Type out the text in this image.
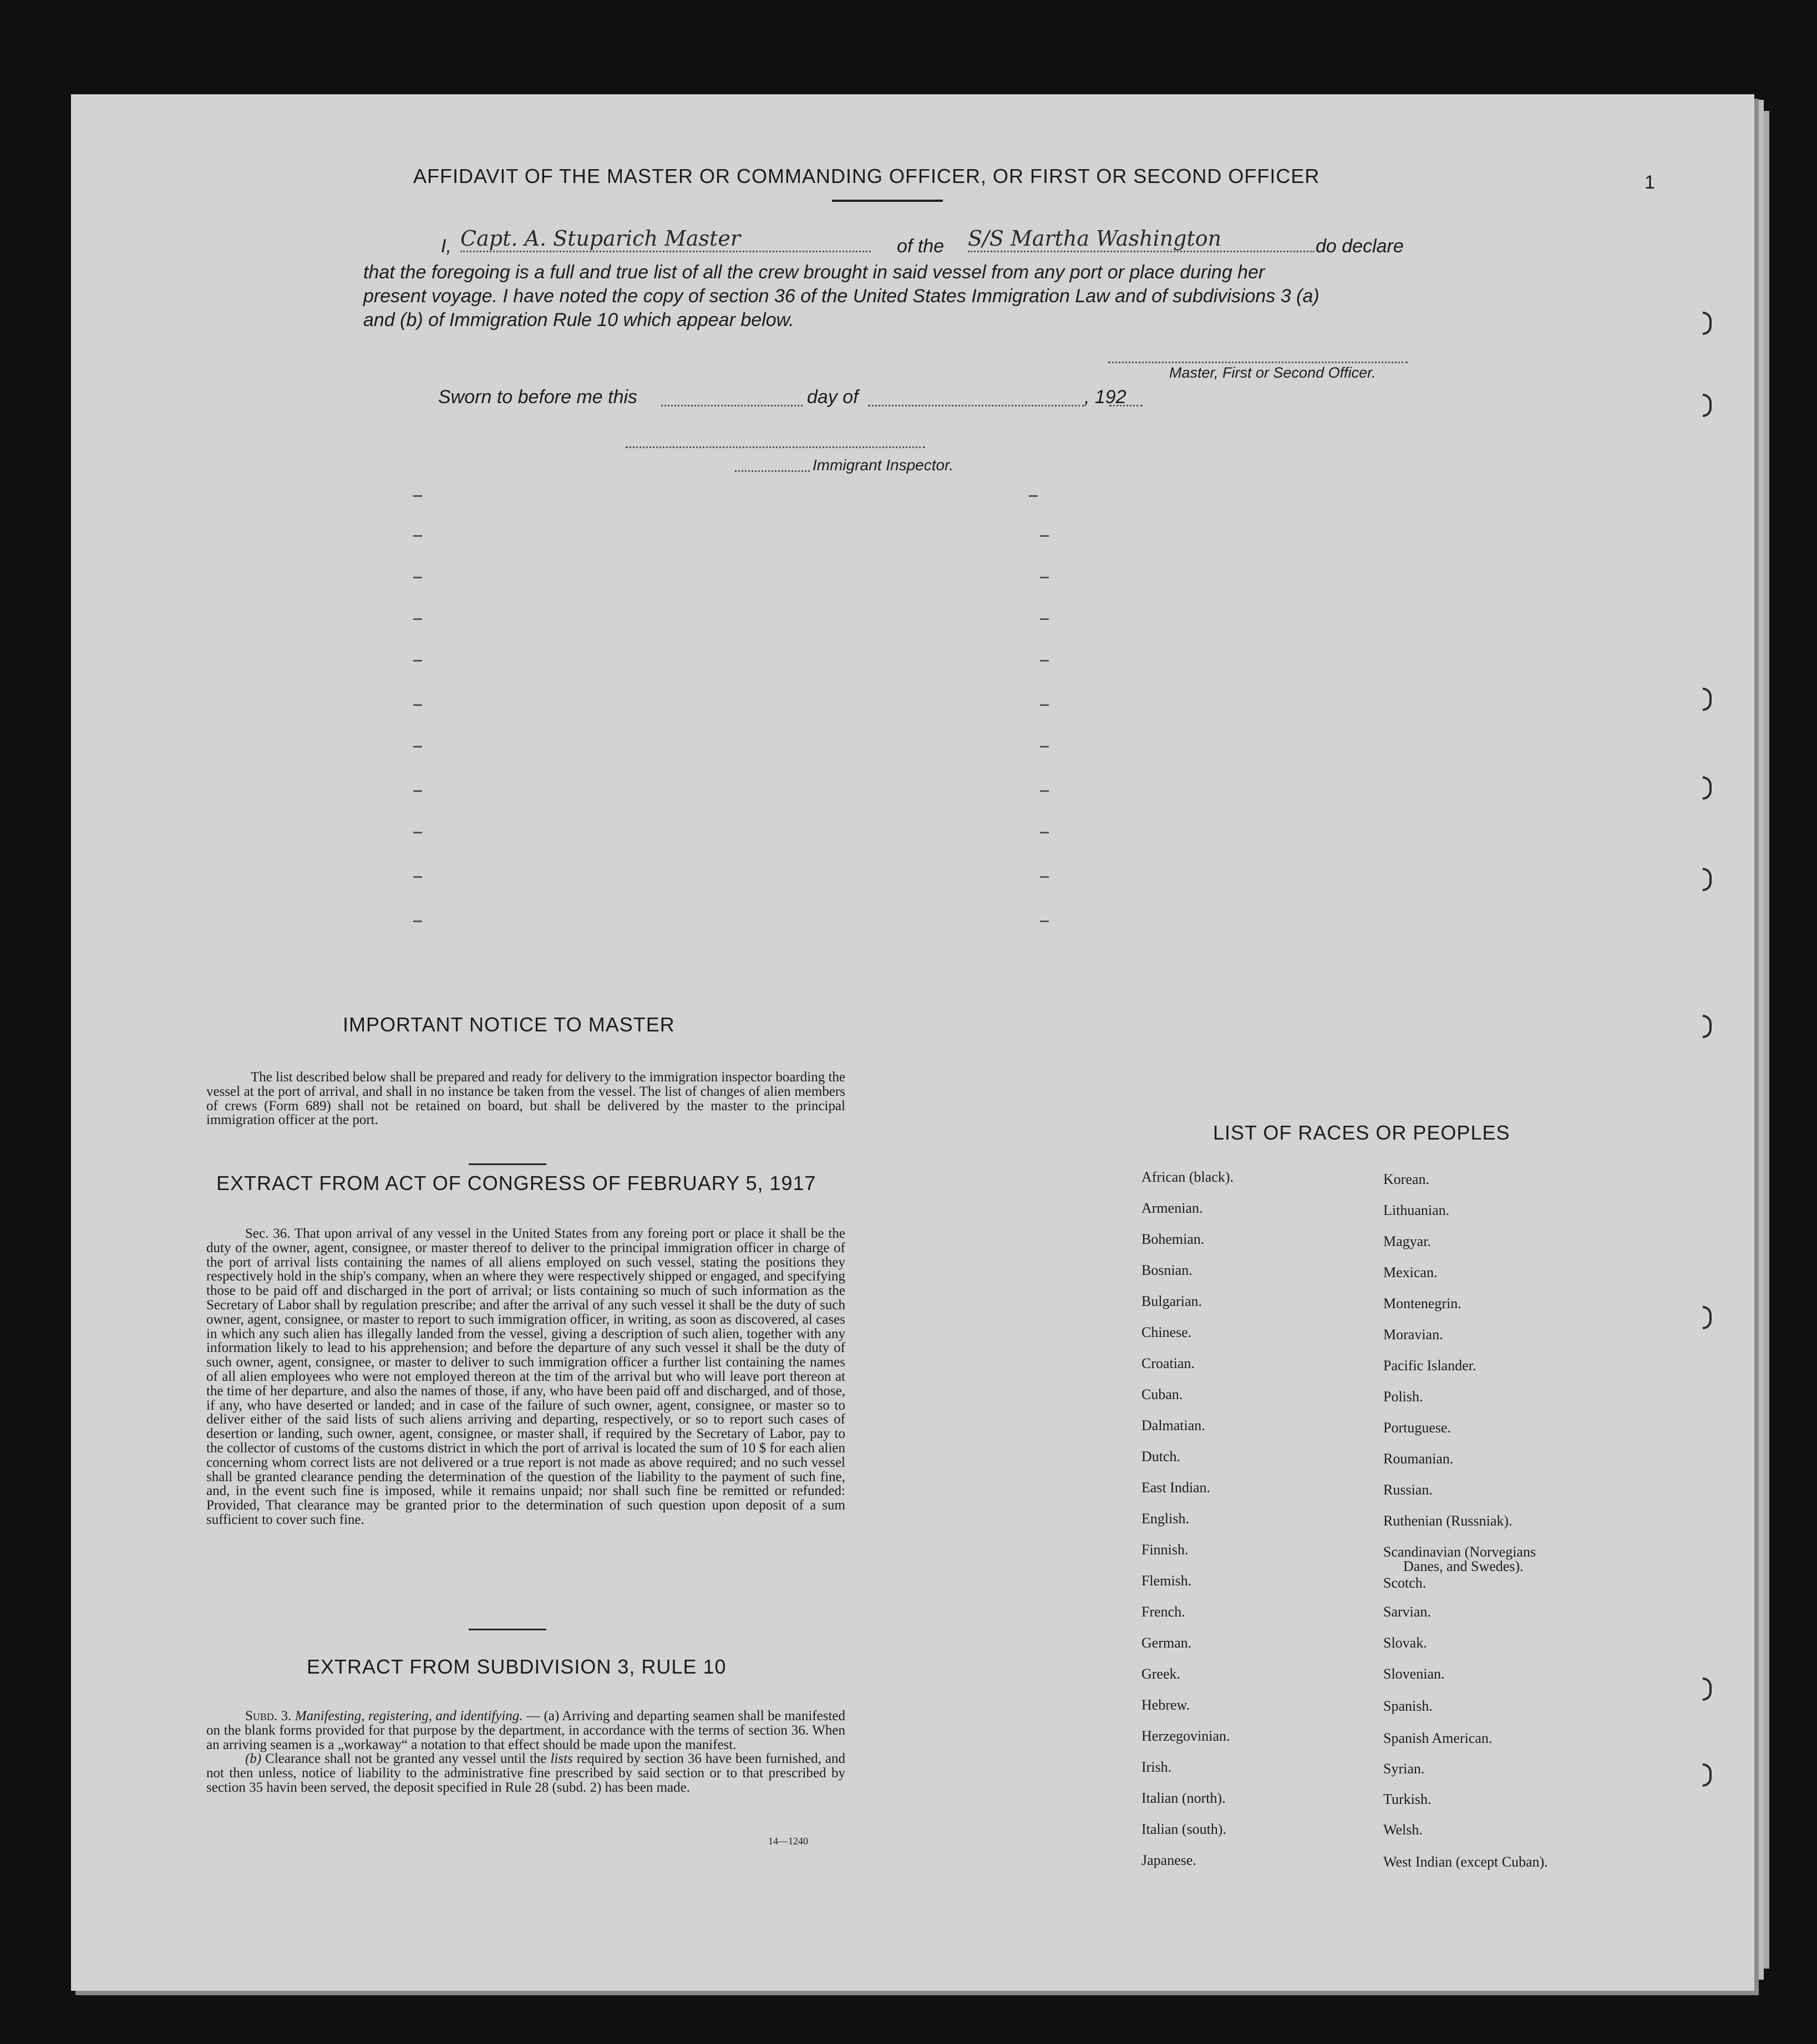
AFFIDAVIT OF THE MASTER OR COMMANDING OFFICER, OR FIRST OR SECOND OFFICER	1
I, Capt. A. Stuparich Master	of the S/S Martha Washington	do declare
that the foregoing is a full and true list of all the crew brought in said vessel from any port or place during her
present voyage. I have noted the copy of section 36 of the United States Immigration Law and of subdivisions 3 (a)
and (b) of Immigration Rule 10 which appear below.
Master, First or Second Officer.
Sworn to before me this	day of	, 192
Immigrant Inspector.
IMPORTANT NOTICE TO MASTER
The list described below shall be prepared and ready for delivery to the immigration inspector boarding the vessel at the port of arrival, and shall in no instance be taken from the vessel. The list of changes of alien members of crews (Form 689) shall not be retained on board, but shall be delivered by the master to the principal immigration officer at the port.
EXTRACT FROM ACT OF CONGRESS OF FEBRUARY 5, 1917
Sec. 36. That upon arrival of any vessel in the United States from any foreing port or place it shall be the duty of the owner, agent, consignee, or master thereof to deliver to the principal immigration officer in charge of the port of arrival lists containing the names of all aliens employed on such vessel, stating the positions they respectively hold in the ship's company, when an where they were respectively shipped or engaged, and specifying those to be paid off and discharged in the port of arrival; or lists containing so much of such information as the Secretary of Labor shall by regulation prescribe; and after the arrival of any such vessel it shall be the duty of such owner, agent, consignee, or master to report to such immigration officer, in writing, as soon as discovered, al cases in which any such alien has illegally landed from the vessel, giving a description of such alien, together with any information likely to lead to his apprehension; and before the departure of any such vessel it shall be the duty of such owner, agent, consignee, or master to deliver to such immigration officer a further list containing the names of all alien employees who were not employed thereon at the tim of the arrival but who will leave port thereon at the time of her departure, and also the names of those, if any, who have been paid off and discharged, and of those, if any, who have deserted or landed; and in case of the failure of such owner, agent, consignee, or master so to deliver either of the said lists of such aliens arriving and departing, respectively, or so to report such cases of desertion or landing, such owner, agent, consignee, or master shall, if required by the Secretary of Labor, pay to the collector of customs of the customs district in which the port of arrival is located the sum of 10 $ for each alien concerning whom correct lists are not delivered or a true report is not made as above required; and no such vessel shall be granted clearance pending the determination of the question of the liability to the payment of such fine, and, in the event such fine is imposed, while it remains unpaid; nor shall such fine be remitted or refunded: Provided, That clearance may be granted prior to the determination of such question upon deposit of a sum sufficient to cover such fine.
EXTRACT FROM SUBDIVISION 3, RULE 10

Subd. 3. Manifesting, registering, and identifying. — (a) Arriving and departing seamen shall be manifested on the blank forms provided for that purpose by the department, in accordance with the terms of section 36. When an arriving seamen is a „workaway“ a notation to that effect should be made upon the manifest.

(b) Clearance shall not be granted any vessel until the lists required by section 36 have been furnished, and not then unless, notice of liability to the administrative fine prescribed by said section or to that prescribed by section 35 havin been served, the deposit specified in Rule 28 (subd. 2) has been made.

14—1240
LIST OF RACES OR PEOPLES
African (black).
Armenian.
Bohemian.
Bosnian.
Bulgarian.
Chinese.
Croatian.
Cuban.
Dalmatian.
Dutch.
East Indian.
English.
Finnish.
Flemish.
French.
German.
Greek.
Hebrew.
Herzegovinian.
Irish.
Italian (north).
Italian (south).
Japanese.
Korean.
Lithuanian.
Magyar.
Mexican.
Montenegrin.
Moravian.
Pacific Islander.
Polish.
Portuguese.
Roumanian.
Russian.
Ruthenian (Russniak).
Scandinavian (Norvegians
Danes, and Swedes).
Scotch.
Sarvian.
Slovak.
Slovenian.
Spanish.
Spanish American.
Syrian.
Turkish.
Welsh.
West Indian (except Cuban).
